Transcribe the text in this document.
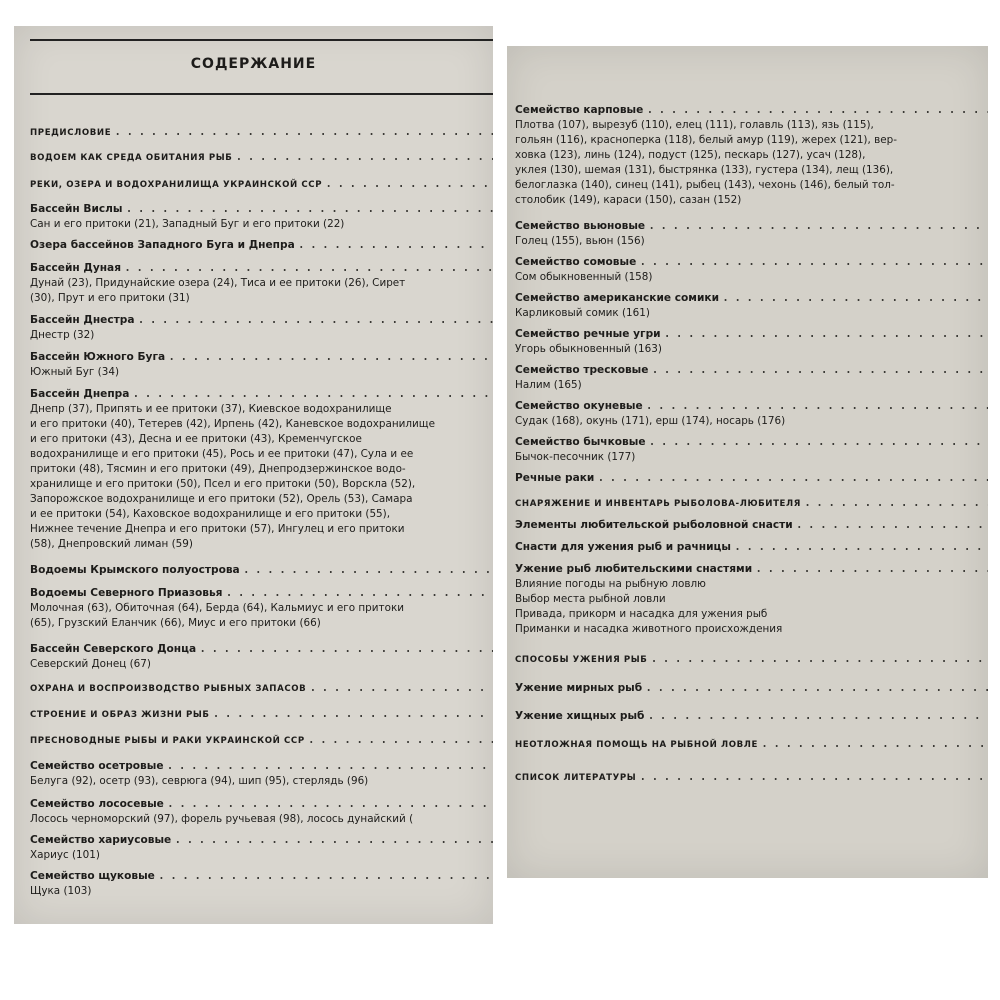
СОДЕРЖАНИЕ
ПРЕДИСЛОВИЕ
.....
ВОДОЕМ КАК СРЕДА ОБИТАНИЯ РЫБ
.....
РЕКИ, ОЗЕРА И ВОДОХРАНИЛИЩА УКРАИНСКОЙ ССР
.....
Бассейн Вислы
.....
Сан и его притоки (21), Западный Буг и его притоки (22)
Озера бассейнов Западного Буга и Днепра
.....
Бассейн Дуная
.....
Дунай (23), Придунайские озера (24), Тиса и ее притоки (26), Сирет
(30), Прут и его притоки (31)
Бассейн Днестра
.....
Днестр (32)
Бассейн Южного Буга
.....
Южный Буг (34)
Бассейн Днепра
.....
Днепр (37), Припять и ее притоки (37), Киевское водохранилище
и его притоки (40), Тетерев (42), Ирпень (42), Каневское водохранилище
и его притоки (43), Десна и ее притоки (43), Кременчугское
водохранилище и его притоки (45), Рось и ее притоки (47), Сула и ее
притоки (48), Тясмин и его притоки (49), Днепродзержинское водо-
хранилище и его притоки (50), Псел и его притоки (50), Ворскла (52),
Запорожское водохранилище и его притоки (52), Орель (53), Самара
и ее притоки (54), Каховское водохранилище и его притоки (55),
Нижнее течение Днепра и его притоки (57), Ингулец и его притоки
(58), Днепровский лиман (59)
Водоемы Крымского полуострова
.....
Водоемы Северного Приазовья
.....
Молочная (63), Обиточная (64), Берда (64), Кальмиус и его притоки
(65), Грузский Еланчик (66), Миус и его притоки (66)
Бассейн Северского Донца
.....
Северский Донец (67)
ОХРАНА И ВОСПРОИЗВОДСТВО РЫБНЫХ ЗАПАСОВ
.....
СТРОЕНИЕ И ОБРАЗ ЖИЗНИ РЫБ
.....
ПРЕСНОВОДНЫЕ РЫБЫ И РАКИ УКРАИНСКОЙ ССР
.....
Семейство осетровые
.....
Белуга (92), осетр (93), севрюга (94), шип (95), стерлядь (96)
Семейство лососевые
.....
Лосось черноморский (97), форель ручьевая (98), лосось дунайский (
Семейство хариусовые
.....
Хариус (101)
Семейство щуковые
.....
Щука (103)
Семейство карповые
.....
Плотва (107), вырезуб (110), елец (111), голавль (113), язь (115),
гольян (116), красноперка (118), белый амур (119), жерех (121), вер-
ховка (123), линь (124), подуст (125), пескарь (127), усач (128),
уклея (130), шемая (131), быстрянка (133), густера (134), лещ (136),
белоглазка (140), синец (141), рыбец (143), чехонь (146), белый тол-
столобик (149), караси (150), сазан (152)
Семейство вьюновые
.....
Голец (155), вьюн (156)
Семейство сомовые
.....
Сом обыкновенный (158)
Семейство американские сомики
.....
Карликовый сомик (161)
Семейство речные угри
.....
Угорь обыкновенный (163)
Семейство тресковые
.....
Налим (165)
Семейство окуневые
.....
Судак (168), окунь (171), ерш (174), носарь (176)
Семейство бычковые
.....
Бычок-песочник (177)
Речные раки
.....
СНАРЯЖЕНИЕ И ИНВЕНТАРЬ РЫБОЛОВА-ЛЮБИТЕЛЯ
.....
Элементы любительской рыболовной снасти
.....
Снасти для ужения рыб и рачницы
.....
Ужение рыб любительскими снастями
.....
Влияние погоды на рыбную ловлю
Выбор места рыбной ловли
Привада, прикорм и насадка для ужения рыб
Приманки и насадка животного происхождения
СПОСОБЫ УЖЕНИЯ РЫБ
.....
Ужение мирных рыб
.....
Ужение хищных рыб
.....
НЕОТЛОЖНАЯ ПОМОЩЬ НА РЫБНОЙ ЛОВЛЕ
.....
СПИСОК ЛИТЕРАТУРЫ
.....
